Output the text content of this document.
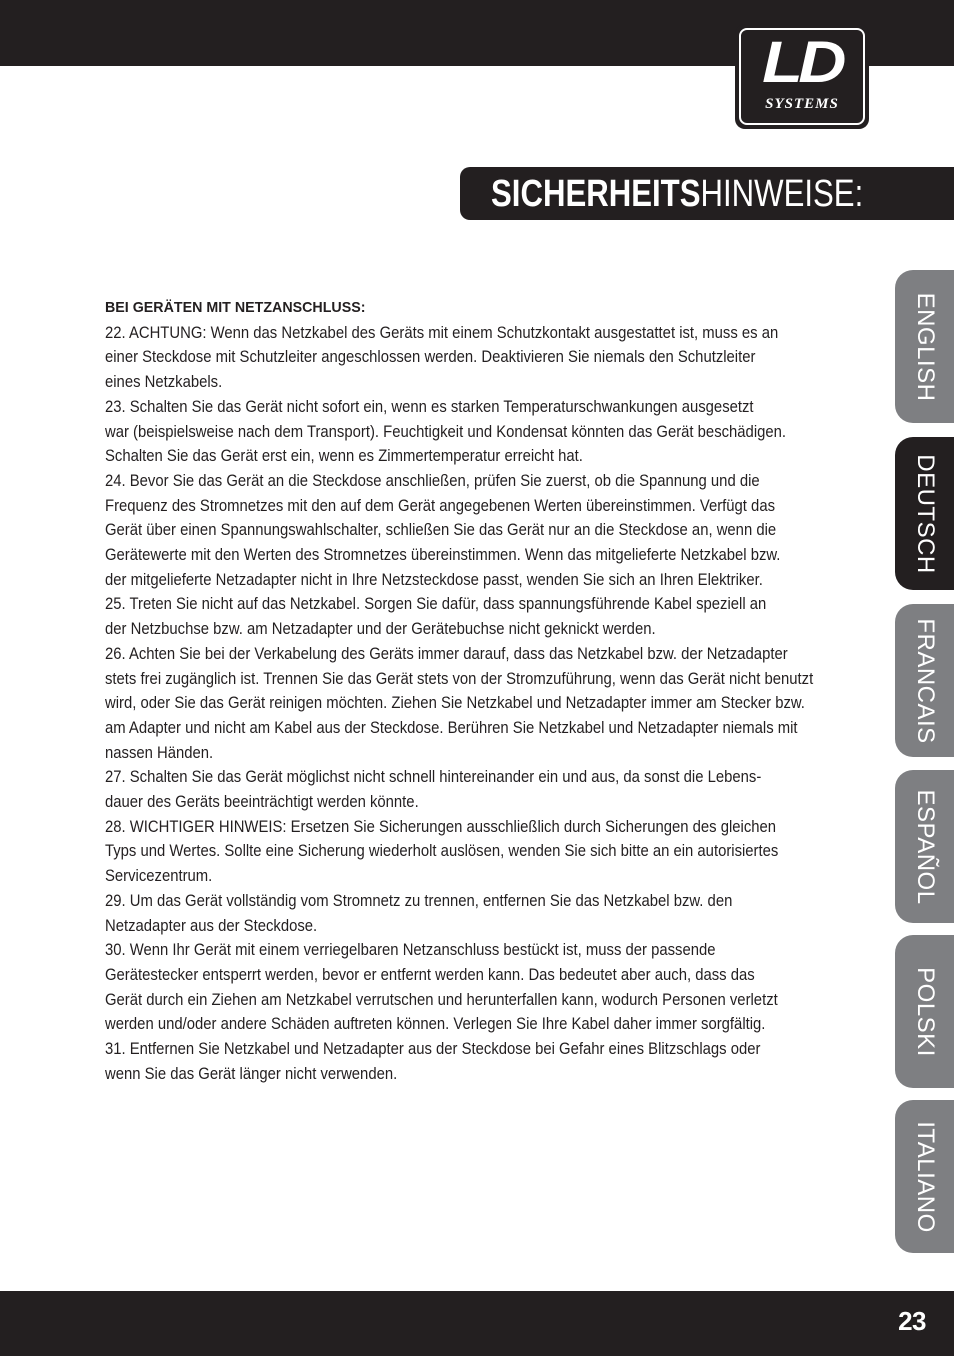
LD
SYSTEMS
SICHERHEITSHINWEISE:
BEI GERÄTEN MIT NETZANSCHLUSS:
22. ACHTUNG: Wenn das Netzkabel des Geräts mit einem Schutzkontakt ausgestattet ist, muss es an
einer Steckdose mit Schutzleiter angeschlossen werden. Deaktivieren Sie niemals den Schutzleiter
eines Netzkabels.
23. Schalten Sie das Gerät nicht sofort ein, wenn es starken Temperaturschwankungen ausgesetzt
war (beispielsweise nach dem Transport). Feuchtigkeit und Kondensat könnten das Gerät beschädigen.
Schalten Sie das Gerät erst ein, wenn es Zimmertemperatur erreicht hat.
24. Bevor Sie das Gerät an die Steckdose anschließen, prüfen Sie zuerst, ob die Spannung und die
Frequenz des Stromnetzes mit den auf dem Gerät angegebenen Werten übereinstimmen. Verfügt das
Gerät über einen Spannungswahlschalter, schließen Sie das Gerät nur an die Steckdose an, wenn die
Gerätewerte mit den Werten des Stromnetzes übereinstimmen. Wenn das mitgelieferte Netzkabel bzw.
der mitgelieferte Netzadapter nicht in Ihre Netzsteckdose passt, wenden Sie sich an Ihren Elektriker.
25. Treten Sie nicht auf das Netzkabel. Sorgen Sie dafür, dass spannungsführende Kabel speziell an
der Netzbuchse bzw. am Netzadapter und der Gerätebuchse nicht geknickt werden.
26. Achten Sie bei der Verkabelung des Geräts immer darauf, dass das Netzkabel bzw. der Netzadapter
stets frei zugänglich ist. Trennen Sie das Gerät stets von der Stromzuführung, wenn das Gerät nicht benutzt
wird, oder Sie das Gerät reinigen möchten. Ziehen Sie Netzkabel und Netzadapter immer am Stecker bzw.
am Adapter und nicht am Kabel aus der Steckdose. Berühren Sie Netzkabel und Netzadapter niemals mit
nassen Händen.
27. Schalten Sie das Gerät möglichst nicht schnell hintereinander ein und aus, da sonst die Lebens-
dauer des Geräts beeinträchtigt werden könnte.
28. WICHTIGER HINWEIS: Ersetzen Sie Sicherungen ausschließlich durch Sicherungen des gleichen
Typs und Wertes. Sollte eine Sicherung wiederholt auslösen, wenden Sie sich bitte an ein autorisiertes
Servicezentrum.
29. Um das Gerät vollständig vom Stromnetz zu trennen, entfernen Sie das Netzkabel bzw. den
Netzadapter aus der Steckdose.
30. Wenn Ihr Gerät mit einem verriegelbaren Netzanschluss bestückt ist, muss der passende
Gerätestecker entsperrt werden, bevor er entfernt werden kann. Das bedeutet aber auch, dass das
Gerät durch ein Ziehen am Netzkabel verrutschen und herunterfallen kann, wodurch Personen verletzt
werden und/oder andere Schäden auftreten können. Verlegen Sie Ihre Kabel daher immer sorgfältig.
31. Entfernen Sie Netzkabel und Netzadapter aus der Steckdose bei Gefahr eines Blitzschlags oder
wenn Sie das Gerät länger nicht verwenden.
ENGLISH
DEUTSCH
FRANCAIS
ESPAÑOL
POLSKI
ITALIANO
23
